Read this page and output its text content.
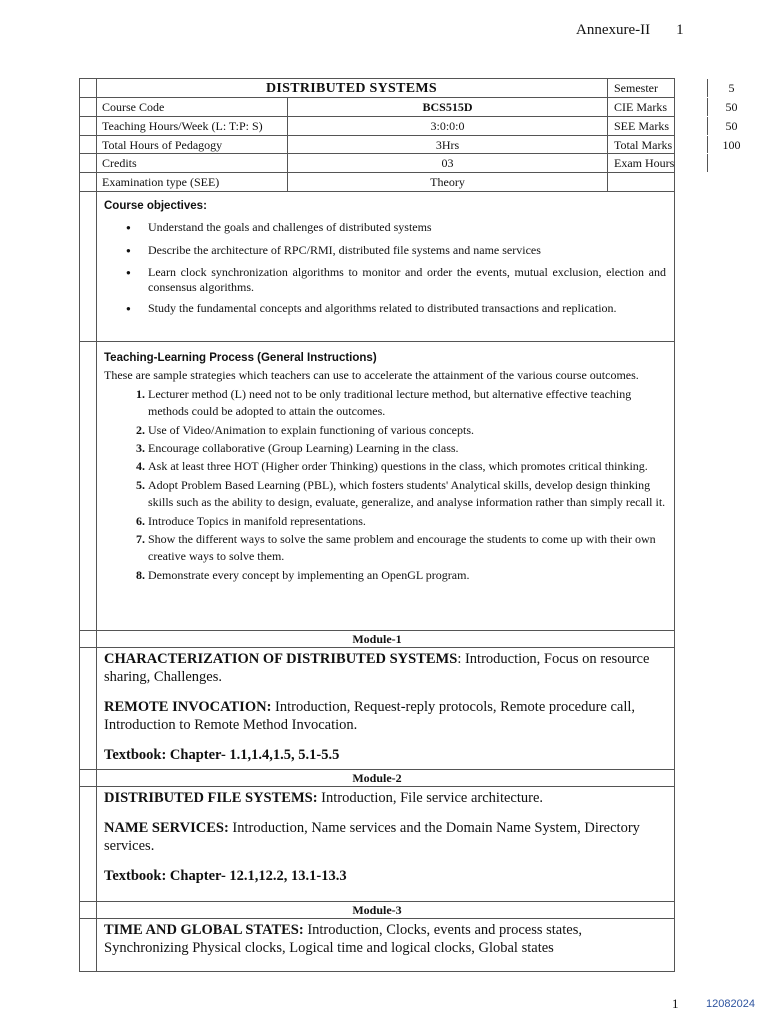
Annexure-II 1
DISTRIBUTED SYSTEMS	Semester	5
Course Code	BCS515D	CIE Marks	50
Teaching Hours/Week (L: T:P: S)	3:0:0:0	SEE Marks	50
Total Hours of Pedagogy	3Hrs	Total Marks	100
Credits	03	Exam Hours
Examination type (SEE)	Theory
Course objectives:
● Understand the goals and challenges of distributed systems
● Describe the architecture of RPC/RMI, distributed file systems and name services
● Learn clock synchronization algorithms to monitor and order the events, mutual exclusion, election and consensus algorithms.
● Study the fundamental concepts and algorithms related to distributed transactions and replication.
Teaching-Learning Process (General Instructions)
These are sample strategies which teachers can use to accelerate the attainment of the various course outcomes.
1. Lecturer method (L) need not to be only traditional lecture method, but alternative effective teaching methods could be adopted to attain the outcomes.
2. Use of Video/Animation to explain functioning of various concepts.
3. Encourage collaborative (Group Learning) Learning in the class.
4. Ask at least three HOT (Higher order Thinking) questions in the class, which promotes critical thinking.
5. Adopt Problem Based Learning (PBL), which fosters students' Analytical skills, develop design thinking skills such as the ability to design, evaluate, generalize, and analyse information rather than simply recall it.
6. Introduce Topics in manifold representations.
7. Show the different ways to solve the same problem and encourage the students to come up with their own creative ways to solve them.
8. Demonstrate every concept by implementing an OpenGL program.
Module-1

CHARACTERIZATION OF DISTRIBUTED SYSTEMS: Introduction, Focus on resource sharing, Challenges.

REMOTE INVOCATION: Introduction, Request-reply protocols, Remote procedure call, Introduction to Remote Method Invocation.

Textbook: Chapter- 1.1,1.4,1.5, 5.1-5.5

Module-2

DISTRIBUTED FILE SYSTEMS: Introduction, File service architecture.

NAME SERVICES: Introduction, Name services and the Domain Name System, Directory services.

Textbook: Chapter- 12.1,12.2, 13.1-13.3

Module-3

TIME AND GLOBAL STATES: Introduction, Clocks, events and process states, Synchronizing Physical clocks, Logical time and logical clocks, Global states

1	12082024
